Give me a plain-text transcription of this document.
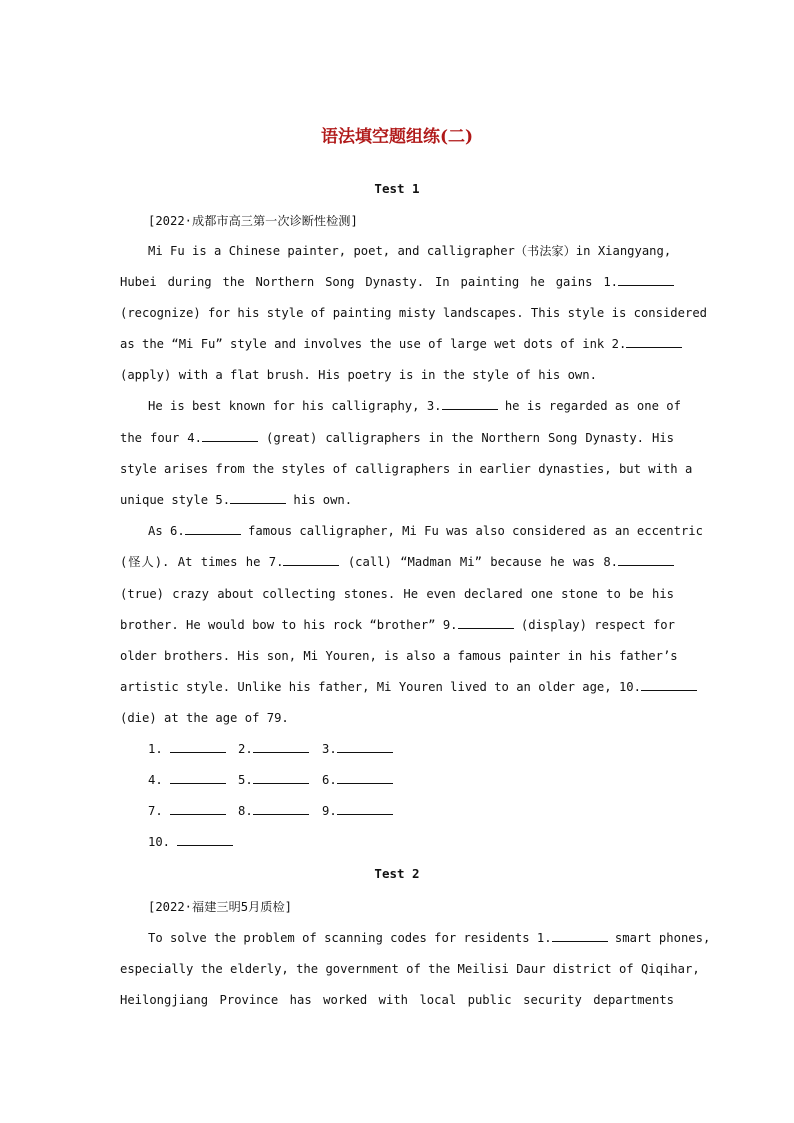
语法填空题组练(二)
Test 1
[2022·成都市高三第一次诊断性检测]
Mi Fu is a Chinese painter, poet, and calligrapher（书法家）in Xiangyang,
Hubei during the Northern Song Dynasty. In painting he gains 1.
(recognize) for his style of painting misty landscapes. This style is considered
as the “Mi Fu” style and involves the use of large wet dots of ink 2.
(apply) with a flat brush. His poetry is in the style of his own.
He is best known for his calligraphy, 3.	he is regarded as one of
the four 4.	(great) calligraphers in the Northern Song Dynasty. His
style arises from the styles of calligraphers in earlier dynasties, but with a
unique style 5.	his own.
As 6.	famous calligrapher, Mi Fu was also considered as an eccentric
(怪人). At times he 7.	(call) “Madman Mi” because he was 8.
(true) crazy about collecting stones. He even declared one stone to be his
brother. He would bow to his rock “brother” 9.	(display) respect for
older brothers. His son, Mi Youren, is also a famous painter in his father’s
artistic style. Unlike his father, Mi Youren lived to an older age, 10.
(die) at the age of 79.
1.	2.	3.
4.	5.	6.
7.	8.	9.
10.
Test 2
[2022·福建三明5月质检]
To solve the problem of scanning codes for residents 1.	smart phones,
especially the elderly, the government of the Meilisi Daur district of Qiqihar,
Heilongjiang Province has worked with local public security departments
